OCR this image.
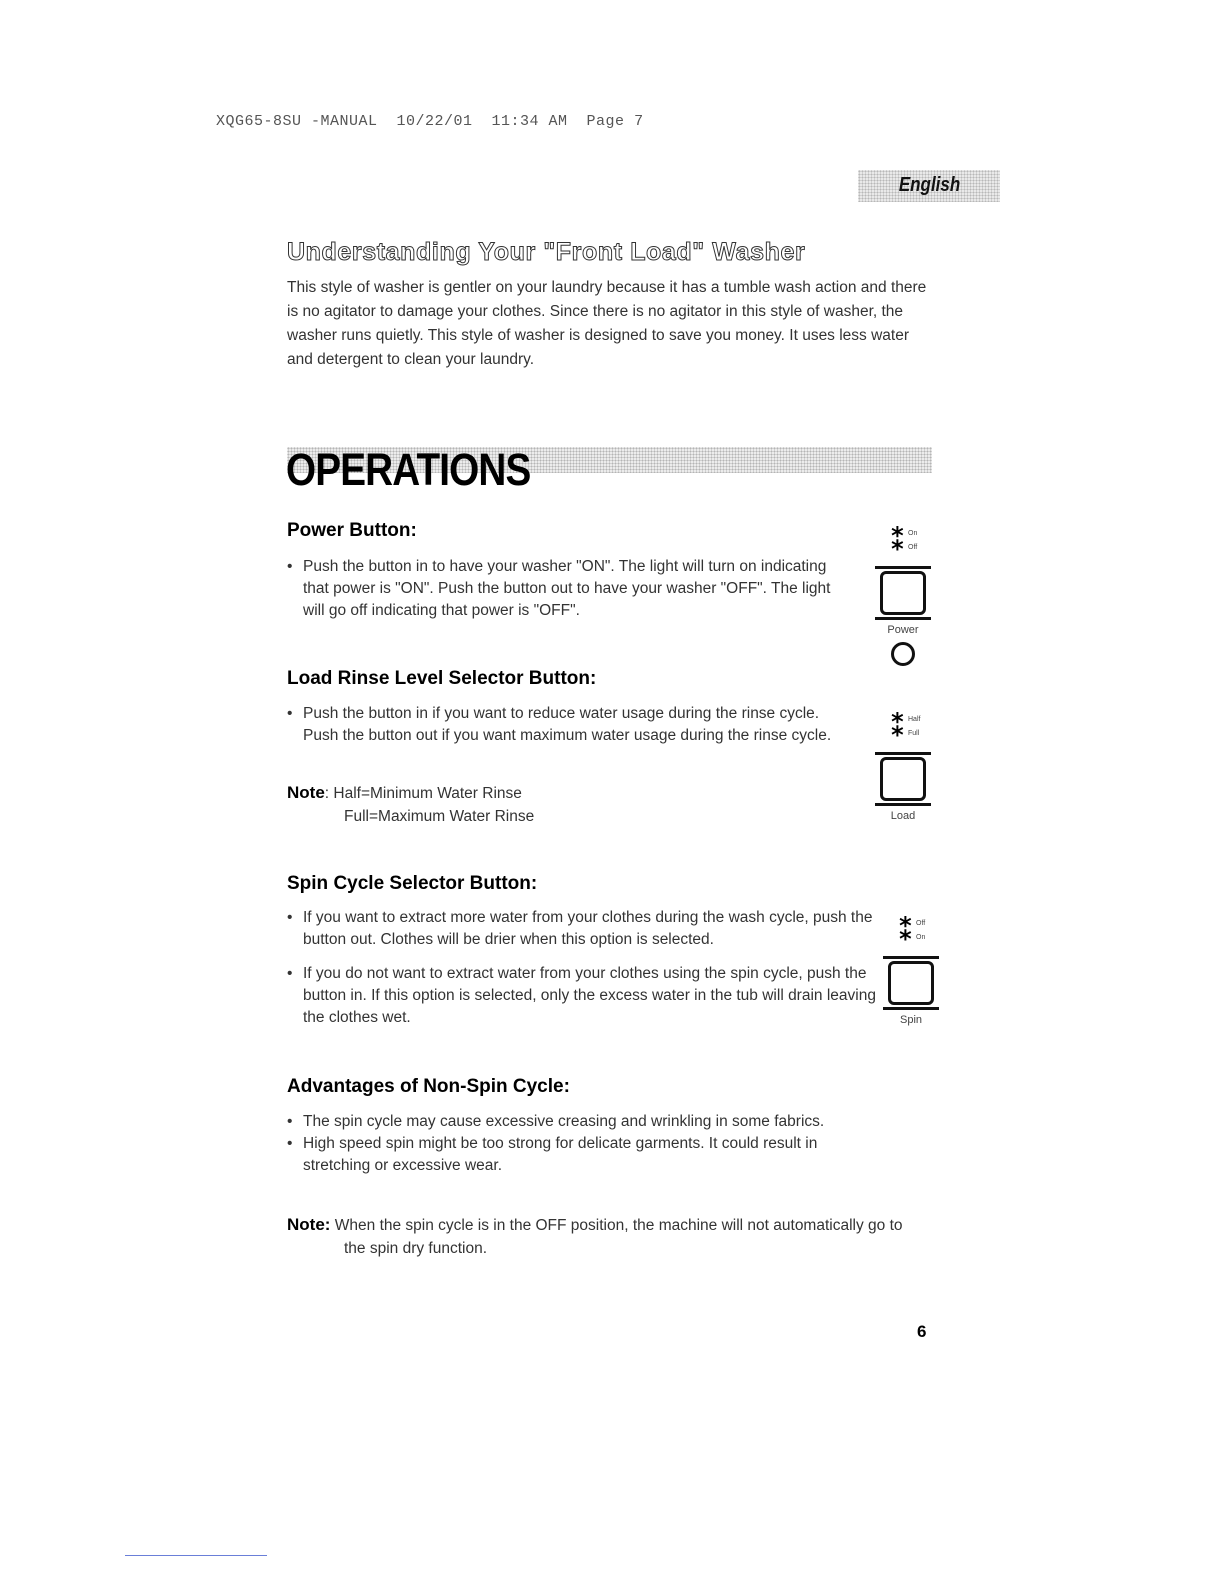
XQG65-8SU -MANUAL  10/22/01  11:34 AM  Page 7
English
Understanding Your "Front Load" Washer
This style of washer is gentler on your laundry because it has a tumble wash action and there is no agitator to damage your clothes. Since there is no agitator in this style of washer, the washer runs quietly. This style of washer is designed to save you money. It uses less water and detergent to clean your laundry.
OPERATIONS
Power Button:
• Push the button in to have your washer "ON". The light will turn on indicating that power is "ON". Push the button out to have your washer "OFF". The light will go off indicating that power is "OFF".
⁑ On
Off
Power
Load Rinse Level Selector Button:
• Push the button in if you want to reduce water usage during the rinse cycle. Push the button out if you want maximum water usage during the rinse cycle.
Note: Half=Minimum Water Rinse
Full=Maximum Water Rinse
⁑ Half
Full
Load
Spin Cycle Selector Button:
• If you want to extract more water from your clothes during the wash cycle, push the button out. Clothes will be drier when this option is selected.
• If you do not want to extract water from your clothes using the spin cycle, push the button in. If this option is selected, only the excess water in the tub will drain leaving the clothes wet.
⁑ Off
On
Spin
Advantages of Non-Spin Cycle:
• The spin cycle may cause excessive creasing and wrinkling in some fabrics.
• High speed spin might be too strong for delicate garments. It could result in stretching or excessive wear.
Note: When the spin cycle is in the OFF position, the machine will not automatically go to the spin dry function.
6
